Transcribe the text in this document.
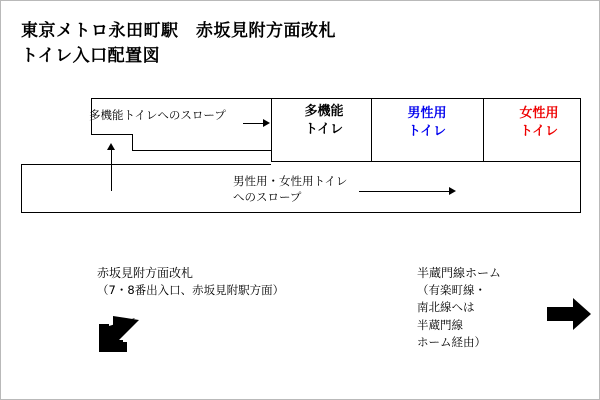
東京メトロ永田町駅　赤坂見附方面改札
トイレ入口配置図
多機能トイレへのスロープ
男性用・女性用トイレ
へのスロープ
多機能
トイレ
男性用
トイレ
女性用
トイレ
赤坂見附方面改札
（7・8番出入口、赤坂見附駅方面）
半蔵門線ホーム
（有楽町線・
南北線へは
半蔵門線
ホーム経由）
